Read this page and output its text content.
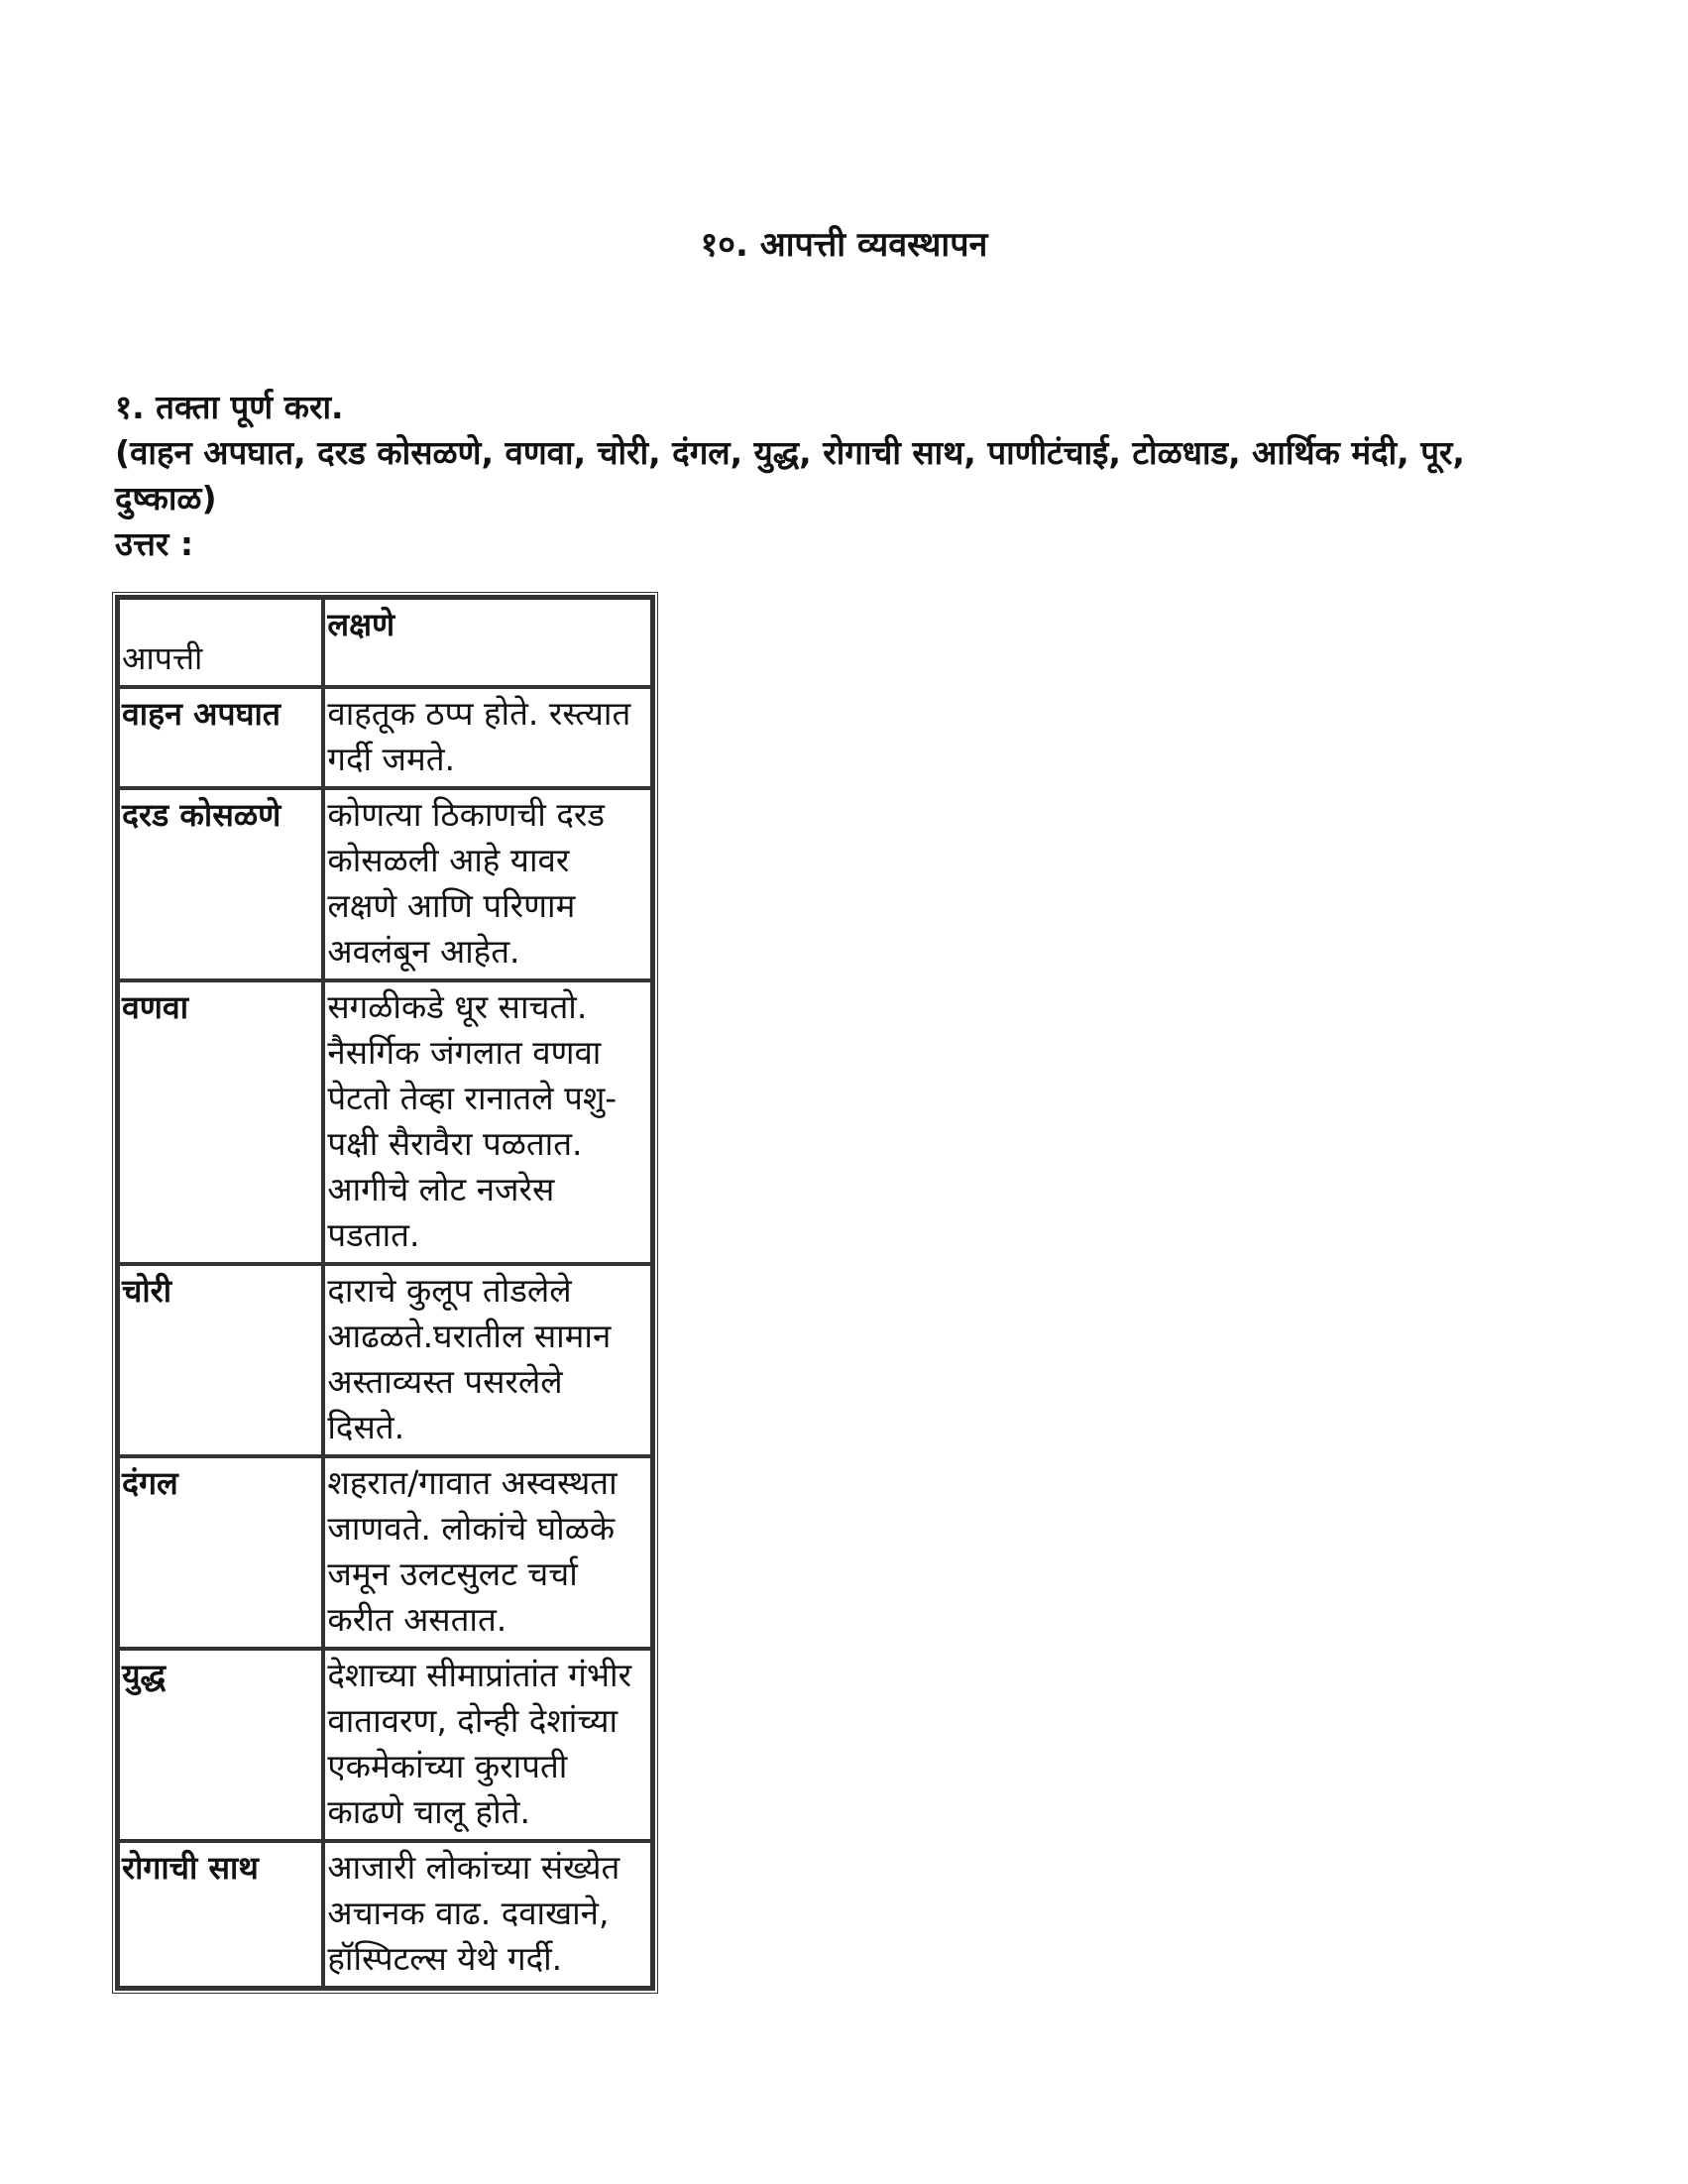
१०. आपत्ती व्यवस्थापन

१. तक्ता पूर्ण करा.

(वाहन अपघात, दरड कोसळणे, वणवा, चोरी, दंगल, युद्ध, रोगाची साथ, पाणीटंचाई, टोळधाड, आर्थिक मंदी, पूर, दुष्काळ)

उत्तर :

आपत्ती	लक्षणे
वाहन अपघात	वाहतूक ठप्प होते. रस्त्यात गर्दी जमते.
दरड कोसळणे	कोणत्या ठिकाणची दरड कोसळली आहे यावर लक्षणे आणि परिणाम अवलंबून आहेत.
वणवा	सगळीकडे धूर साचतो. नैसर्गिक जंगलात वणवा पेटतो तेव्हा रानातले पशु-पक्षी सैरावैरा पळतात. आगीचे लोट नजरेस पडतात.
चोरी	दाराचे कुलूप तोडलेले आढळते.घरातील सामान अस्ताव्यस्त पसरलेले दिसते.
दंगल	शहरात/गावात अस्वस्थता जाणवते. लोकांचे घोळके जमून उलटसुलट चर्चा करीत असतात.
युद्ध	देशाच्या सीमाप्रांतांत गंभीर वातावरण, दोन्ही देशांच्या एकमेकांच्या कुरापती काढणे चालू होते.
रोगाची साथ	आजारी लोकांच्या संख्येत अचानक वाढ. दवाखाने, हॉस्पिटल्स येथे गर्दी.
